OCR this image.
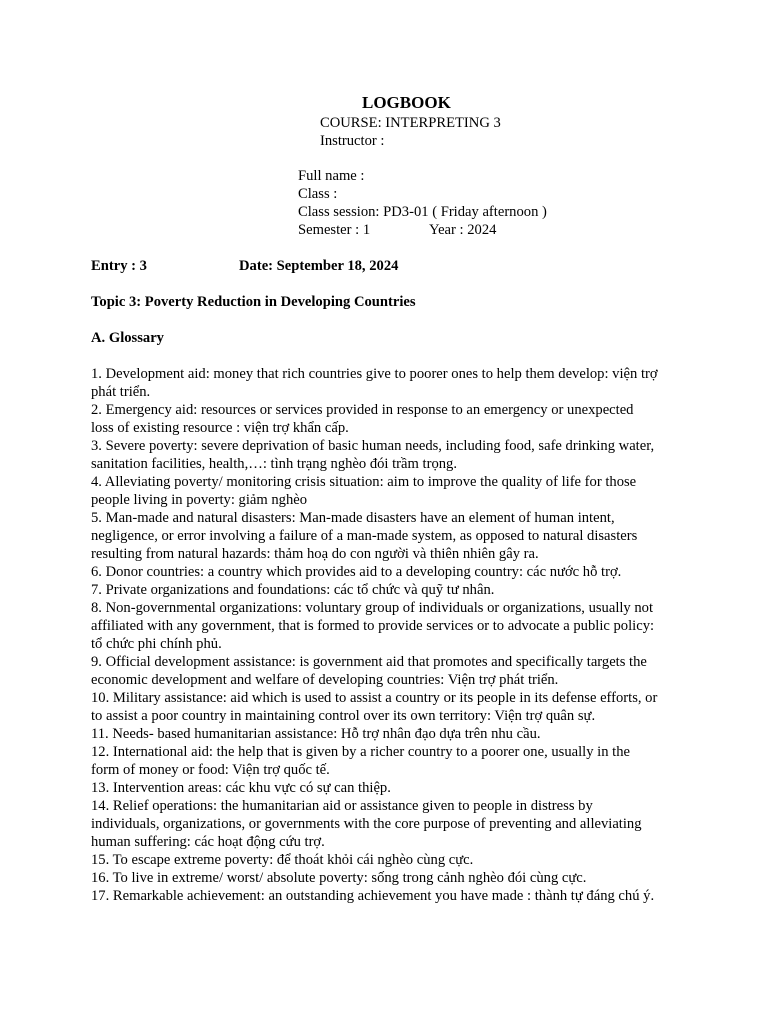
LOGBOOK
COURSE: INTERPRETING 3
Instructor :
Full name :
Class :
Class session: PD3-01 ( Friday afternoon )
Semester : 1	Year : 2024
Entry : 3	Date: September 18, 2024
Topic 3: Poverty Reduction in Developing Countries
A. Glossary
1. Development aid: money that rich countries give to poorer ones to help them develop: viện trợ
phát triển.
2. Emergency aid: resources or services provided in response to an emergency or unexpected
loss of existing resource : viện trợ khẩn cấp.
3. Severe poverty: severe deprivation of basic human needs, including food, safe drinking water,
sanitation facilities, health,…: tình trạng nghèo đói trầm trọng.
4. Alleviating poverty/ monitoring crisis situation: aim to improve the quality of life for those
people living in poverty: giảm nghèo
5. Man-made and natural disasters: Man-made disasters have an element of human intent,
negligence, or error involving a failure of a man-made system, as opposed to natural disasters
resulting from natural hazards: thảm hoạ do con người và thiên nhiên gây ra.
6. Donor countries: a country which provides aid to a developing country: các nước hỗ trợ.
7. Private organizations and foundations: các tổ chức và quỹ tư nhân.
8. Non-governmental organizations: voluntary group of individuals or organizations, usually not
affiliated with any government, that is formed to provide services or to advocate a public policy:
tổ chức phi chính phủ.
9. Official development assistance: is government aid that promotes and specifically targets the
economic development and welfare of developing countries: Viện trợ phát triển.
10. Military assistance: aid which is used to assist a country or its people in its defense efforts, or
to assist a poor country in maintaining control over its own territory: Viện trợ quân sự.
11. Needs- based humanitarian assistance: Hỗ trợ nhân đạo dựa trên nhu cầu.
12. International aid: the help that is given by a richer country to a poorer one, usually in the
form of money or food: Viện trợ quốc tế.
13. Intervention areas: các khu vực có sự can thiệp.
14. Relief operations: the humanitarian aid or assistance given to people in distress by
individuals, organizations, or governments with the core purpose of preventing and alleviating
human suffering: các hoạt động cứu trợ.
15. To escape extreme poverty: để thoát khỏi cái nghèo cùng cực.
16. To live in extreme/ worst/ absolute poverty: sống trong cảnh nghèo đói cùng cực.
17. Remarkable achievement: an outstanding achievement you have made : thành tự đáng chú ý.
